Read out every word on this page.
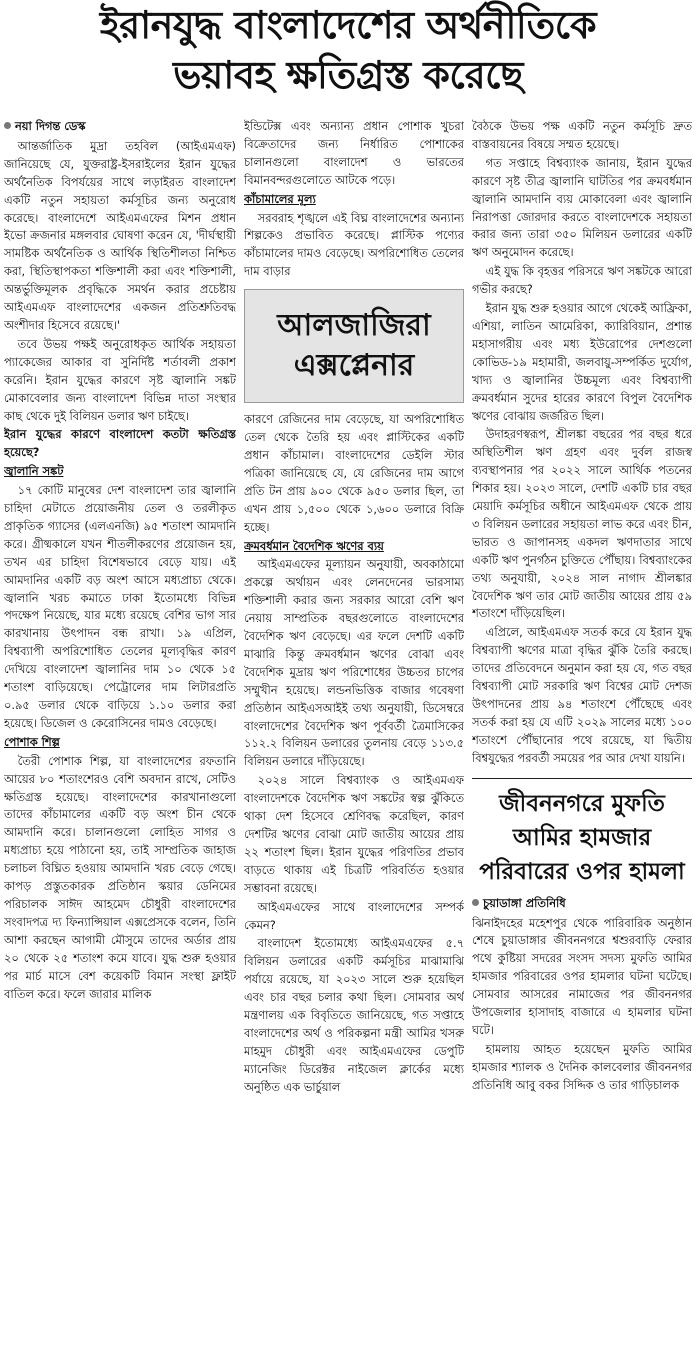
ইরানযুদ্ধ বাংলাদেশের অর্থনীতিকে
ভয়াবহ ক্ষতিগ্রস্ত করেছে
নয়া দিগন্ত ডেস্ক

আন্তর্জাতিক মুদ্রা তহবিল (আইএমএফ) জানিয়েছে যে, যুক্তরাষ্ট্র-ইসরাইলের ইরান যুদ্ধের অর্থনৈতিক বিপর্যয়ের সাথে লড়াইরত বাংলাদেশ একটি নতুন সহায়তা কর্মসূচির জন্য অনুরোধ করেছে। বাংলাদেশে আইএমএফের মিশন প্রধান ইভো ক্রজনার মঙ্গলবার ঘোষণা করেন যে, 'দীর্ঘস্থায়ী সামষ্টিক অর্থনৈতিক ও আর্থিক স্থিতিশীলতা নিশ্চিত করা, স্থিতিস্থাপকতা শক্তিশালী করা এবং শক্তিশালী, অন্তর্ভুক্তিমূলক প্রবৃদ্ধিকে সমর্থন করার প্রচেষ্টায় আইএমএফ বাংলাদেশের একজন প্রতিশ্রুতিবদ্ধ অংশীদার হিসেবে রয়েছে।'

তবে উভয় পক্ষই অনুরোধকৃত আর্থিক সহায়তা প্যাকেজের আকার বা সুনির্দিষ্ট শর্তাবলী প্রকাশ করেনি। ইরান যুদ্ধের কারণে সৃষ্ট জ্বালানি সঙ্কট মোকাবেলার জন্য বাংলাদেশ বিভিন্ন দাতা সংস্থার কাছ থেকে দুই বিলিয়ন ডলার ঋণ চাইছে।

ইরান যুদ্ধের কারণে বাংলাদেশ কতটা ক্ষতিগ্রস্ত হয়েছে?
জ্বালানি সঙ্কট

১৭ কোটি মানুষের দেশ বাংলাদেশ তার জ্বালানি চাহিদা মেটাতে প্রয়োজনীয় তেল ও তরলীকৃত প্রাকৃতিক গ্যাসের (এলএনজি) ৯৫ শতাংশ আমদানি করে। গ্রীষ্মকালে যখন শীতলীকরণের প্রয়োজন হয়, তখন এর চাহিদা বিশেষভাবে বেড়ে যায়। এই আমদানির একটি বড় অংশ আসে মধ্যপ্রাচ্য থেকে। জ্বালানি খরচ কমাতে ঢাকা ইতোমধ্যে বিভিন্ন পদক্ষেপ নিয়েছে, যার মধ্যে রয়েছে বেশির ভাগ সার কারখানায় উৎপাদন বন্ধ রাখা। ১৯ এপ্রিল, বিশ্বব্যাপী অপরিশোধিত তেলের মূল্যবৃদ্ধির কারণ দেখিয়ে বাংলাদেশ জ্বালানির দাম ১০ থেকে ১৫ শতাংশ বাড়িয়েছে। পেট্রোলের দাম লিটারপ্রতি ০.৯৫ ডলার থেকে বাড়িয়ে ১.১০ ডলার করা হয়েছে। ডিজেল ও কেরোসিনের দামও বেড়েছে।

পোশাক শিল্প

তৈরী পোশাক শিল্প, যা বাংলাদেশের রফতানি আয়ের ৮০ শতাংশেরও বেশি অবদান রাখে, সেটিও ক্ষতিগ্রস্ত হয়েছে। বাংলাদেশের কারখানাগুলো তাদের কাঁচামালের একটি বড় অংশ চীন থেকে আমদানি করে। চালানগুলো লোহিত সাগর ও মধ্যপ্রাচ্য হয়ে পাঠানো হয়, তাই সাম্প্রতিক জাহাজ চলাচল বিঘ্নিত হওয়ায় আমদানি খরচ বেড়ে গেছে। কাপড় প্রস্তুতকারক প্রতিষ্ঠান স্কয়ার ডেনিমের পরিচালক সাঈদ আহমেদ চৌধুরী বাংলাদেশের সংবাদপত্র দ্য ফিন্যান্সিয়াল এক্সপ্রেসকে বলেন, তিনি আশা করছেন আগামী মৌসুমে তাদের অর্ডার প্রায় ২০ থেকে ২৫ শতাংশ কমে যাবে। যুদ্ধ শুরু হওয়ার পর মার্চ মাসে বেশ কয়েকটি বিমান সংস্থা ফ্লাইট বাতিল করে। ফলে জারার মালিক

ইন্ডিটেক্স এবং অন্যান্য প্রধান পোশাক খুচরা বিক্রেতাদের জন্য নির্ধারিত পোশাকের চালানগুলো বাংলাদেশ ও ভারতের বিমানবন্দরগুলোতে আটকে পড়ে।

কাঁচামালের মূল্য

সরবরাহ শৃঙ্খলে এই বিঘ্ন বাংলাদেশের অন্যান্য শিল্পকেও প্রভাবিত করেছে। প্লাস্টিক পণ্যের কাঁচামালের দামও বেড়েছে। অপরিশোধিত তেলের দাম বাড়ার

আলজাজিরা
এক্সপ্লেনার

কারণে রেজিনের দাম বেড়েছে, যা অপরিশোধিত তেল থেকে তৈরি হয় এবং প্লাস্টিকের একটি প্রধান কাঁচামাল। বাংলাদেশের ডেইলি স্টার পত্রিকা জানিয়েছে যে, যে রেজিনের দাম আগে প্রতি টন প্রায় ৯০০ থেকে ৯৫০ ডলার ছিল, তা এখন প্রায় ১,৫০০ থেকে ১,৬০০ ডলারে বিক্রি হচ্ছে।

ক্রমবর্ধমান বৈদেশিক ঋণের ব্যয়

আইএমএফের মূল্যায়ন অনুযায়ী, অবকাঠামো প্রকল্পে অর্থায়ন এবং লেনদেনের ভারসাম্য শক্তিশালী করার জন্য সরকার আরো বেশি ঋণ নেয়ায় সাম্প্রতিক বছরগুলোতে বাংলাদেশের বৈদেশিক ঋণ বেড়েছে। এর ফলে দেশটি একটি মাঝারি কিন্তু ক্রমবর্ধমান ঋণের বোঝা এবং বৈদেশিক মুদ্রায় ঋণ পরিশোধের উচ্চতর চাপের সম্মুখীন হয়েছে। লন্ডনভিত্তিক বাজার গবেষণা প্রতিষ্ঠান আইএসআইই তথ্য অনুযায়ী, ডিসেম্বরে বাংলাদেশের বৈদেশিক ঋণ পূর্ববর্তী ত্রৈমাসিকের ১১২.২ বিলিয়ন ডলারের তুলনায় বেড়ে ১১৩.৫ বিলিয়ন ডলারে দাঁড়িয়েছে।

২০২৪ সালে বিশ্বব্যাংক ও আইএমএফ বাংলাদেশকে বৈদেশিক ঋণ সঙ্কটের স্বল্প ঝুঁকিতে থাকা দেশ হিসেবে শ্রেণিবদ্ধ করেছিল, কারণ দেশটির ঋণের বোঝা মোট জাতীয় আয়ের প্রায় ২২ শতাংশ ছিল। ইরান যুদ্ধের পরিণতির প্রভাব বাড়তে থাকায় এই চিত্রটি পরিবর্তিত হওয়ার সম্ভাবনা রয়েছে।

আইএমএফের সাথে বাংলাদেশের সম্পর্ক কেমন?

বাংলাদেশ ইতোমধ্যে আইএমএফের ৫.৭ বিলিয়ন ডলারের একটি কর্মসূচির মাঝামাঝি পর্যায়ে রয়েছে, যা ২০২৩ সালে শুরু হয়েছিল এবং চার বছর চলার কথা ছিল। সোমবার অর্থ মন্ত্রণালয় এক বিবৃতিতে জানিয়েছে, গত সপ্তাহে বাংলাদেশের অর্থ ও পরিকল্পনা মন্ত্রী আমির খসরু মাহমুদ চৌধুরী এবং আইএমএফের ডেপুটি ম্যানেজিং ডিরেক্টর নাইজেল ক্লার্কের মধ্যে অনুষ্ঠিত এক ভার্চুয়াল

বৈঠকে উভয় পক্ষ একটি নতুন কর্মসূচি দ্রুত বাস্তবায়নের বিষয়ে সম্মত হয়েছে।

গত সপ্তাহে বিশ্বব্যাংক জানায়, ইরান যুদ্ধের কারণে সৃষ্ট তীব্র জ্বালানি ঘাটতির পর ক্রমবর্ধমান জ্বালানি আমদানি ব্যয় মোকাবেলা এবং জ্বালানি নিরাপত্তা জোরদার করতে বাংলাদেশকে সহায়তা করার জন্য তারা ৩৫০ মিলিয়ন ডলারের একটি ঋণ অনুমোদন করেছে।

এই যুদ্ধ কি বৃহত্তর পরিসরে ঋণ সঙ্কটকে আরো গভীর করছে?

ইরান যুদ্ধ শুরু হওয়ার আগে থেকেই আফ্রিকা, এশিয়া, লাতিন আমেরিকা, ক্যারিবিয়ান, প্রশান্ত মহাসাগরীয় এবং মধ্য ইউরোপের দেশগুলো কোভিড-১৯ মহামারী, জলবায়ু-সম্পর্কিত দুর্যোগ, খাদ্য ও জ্বালানির উচ্চমূল্য এবং বিশ্বব্যাপী ক্রমবর্ধমান সুদের হারের কারণে বিপুল বৈদেশিক ঋণের বোঝায় জর্জরিত ছিল।

উদাহরণস্বরূপ, শ্রীলঙ্কা বছরের পর বছর ধরে অস্থিতিশীল ঋণ গ্রহণ এবং দুর্বল রাজস্ব ব্যবস্থাপনার পর ২০২২ সালে আর্থিক পতনের শিকার হয়। ২০২৩ সালে, দেশটি একটি চার বছর মেয়াদি কর্মসূচির অধীনে আইএমএফ থেকে প্রায় ৩ বিলিয়ন ডলারের সহায়তা লাভ করে এবং চীন, ভারত ও জাপানসহ একদল ঋণদাতার সাথে একটি ঋণ পুনর্গঠন চুক্তিতে পৌঁছায়। বিশ্বব্যাংকের তথ্য অনুযায়ী, ২০২৪ সাল নাগাদ শ্রীলঙ্কার বৈদেশিক ঋণ তার মোট জাতীয় আয়ের প্রায় ৫৯ শতাংশে দাঁড়িয়েছিল।

এপ্রিলে, আইএমএফ সতর্ক করে যে ইরান যুদ্ধ বিশ্বব্যাপী ঋণের মাত্রা বৃদ্ধির ঝুঁকি তৈরি করছে। তাদের প্রতিবেদনে অনুমান করা হয় যে, গত বছর বিশ্বব্যাপী মোট সরকারি ঋণ বিশ্বের মোট দেশজ উৎপাদনের প্রায় ৯৪ শতাংশে পৌঁছেছে এবং সতর্ক করা হয় যে এটি ২০২৯ সালের মধ্যে ১০০ শতাংশে পৌঁছানোর পথে রয়েছে, যা দ্বিতীয় বিশ্বযুদ্ধের পরবর্তী সময়ের পর আর দেখা যায়নি।

জীবননগরে মুফতি
আমির হামজার
পরিবারের ওপর হামলা
চুয়াডাঙ্গা প্রতিনিধি

ঝিনাইদহের মহেশপুর থেকে পারিবারিক অনুষ্ঠান শেষে চুয়াডাঙ্গার জীবননগরে শ্বশুরবাড়ি ফেরার পথে কুষ্টিয়া সদরের সংসদ সদস্য মুফতি আমির হামজার পরিবারের ওপর হামলার ঘটনা ঘটেছে। সোমবার আসরের নামাজের পর জীবননগর উপজেলার হাসাদাহ বাজারে এ হামলার ঘটনা ঘটে।

হামলায় আহত হয়েছেন মুফতি আমির হামজার শ্যালক ও দৈনিক কালবেলার জীবননগর প্রতিনিধি আবু বকর সিদ্দিক ও তার গাড়িচালক
